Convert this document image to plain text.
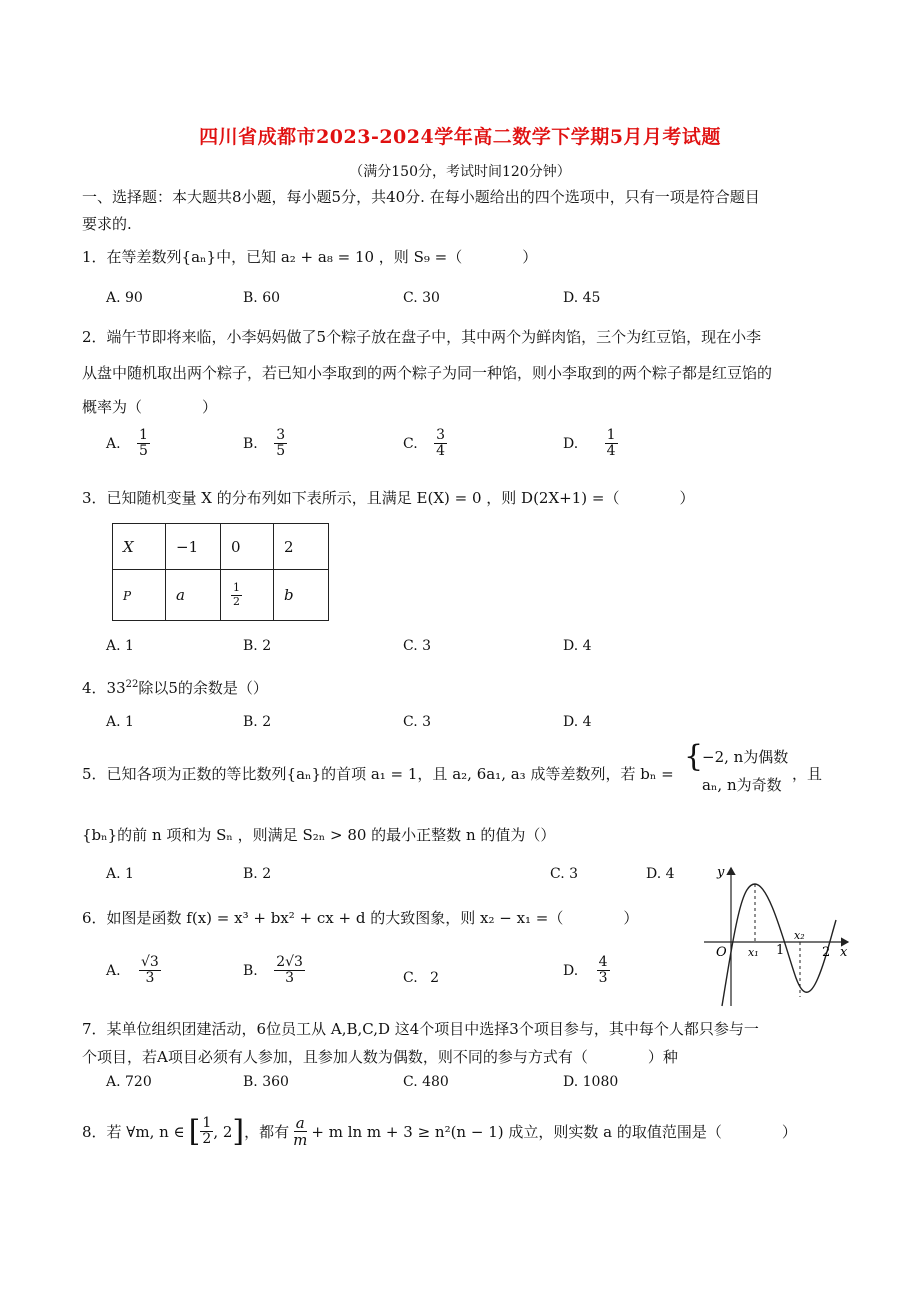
四川省成都市2023-2024学年高二数学下学期5月月考试题
（满分150分，考试时间120分钟）
一、选择题：本大题共8小题，每小题5分，共40分. 在每小题给出的四个选项中，只有一项是符合题目
要求的.
1．在等差数列{aₙ}中，已知 a₂ + a₈ = 10 ，则 S₉ =（　　　　）
A. 90	B. 60	C. 30	D. 45
2．端午节即将来临，小李妈妈做了5个粽子放在盘子中，其中两个为鲜肉馅，三个为红豆馅，现在小李
从盘中随机取出两个粽子，若已知小李取到的两个粽子为同一种馅，则小李取到的两个粽子都是红豆馅的
概率为（　　　　）
A. $\frac{1}{5}$	B. $\frac{3}{5}$	C. $\frac{3}{4}$	D. $\frac{1}{4}$
3．已知随机变量 X 的分布列如下表所示，且满足 E(X) = 0 ，则 D(2X+1) =（　　　　）
X	−1	0	2
P	a	$\frac{1}{2}$	b
A. 1	B. 2	C. 3	D. 4
4．$33^{22}$除以5的余数是（）
A. 1	B. 2	C. 3	D. 4
5．已知各项为正数的等比数列{aₙ}的首项 a₁ = 1，且 a₂, 6a₁, a₃ 成等差数列，若 bₙ = {
−2, n为偶数
aₙ, n为奇数
，且
{bₙ}的前 n 项和为 Sₙ ，则满足 S₂ₙ > 80 的最小正整数 n 的值为（）
A. 1	B. 2	C. 3	D. 4
6．如图是函数 f(x) = x³ + bx² + cx + d 的大致图象，则 x₂ − x₁ =（　　　　）
A. $\frac{√3}{3}$	B. $\frac{2√3}{3}$	C. 2	D. $\frac{4}{3}$
y
x
O x₁
x₂
1	2
7．某单位组织团建活动，6位员工从 A,B,C,D 这4个项目中选择3个项目参与，其中每个人都只参与一
个项目，若A项目必须有人参加，且参加人数为偶数，则不同的参与方式有（　　　　）种
A. 720	B. 360	C. 480	D. 1080
8．若 ∀m, n ∈ [ $\frac{1}{2}$ , 2 ] ，都有 $\frac{a}{m} + m$ ln m + 3 ≥ n²(n − 1) 成立，则实数 a 的取值范围是（　　　　）
